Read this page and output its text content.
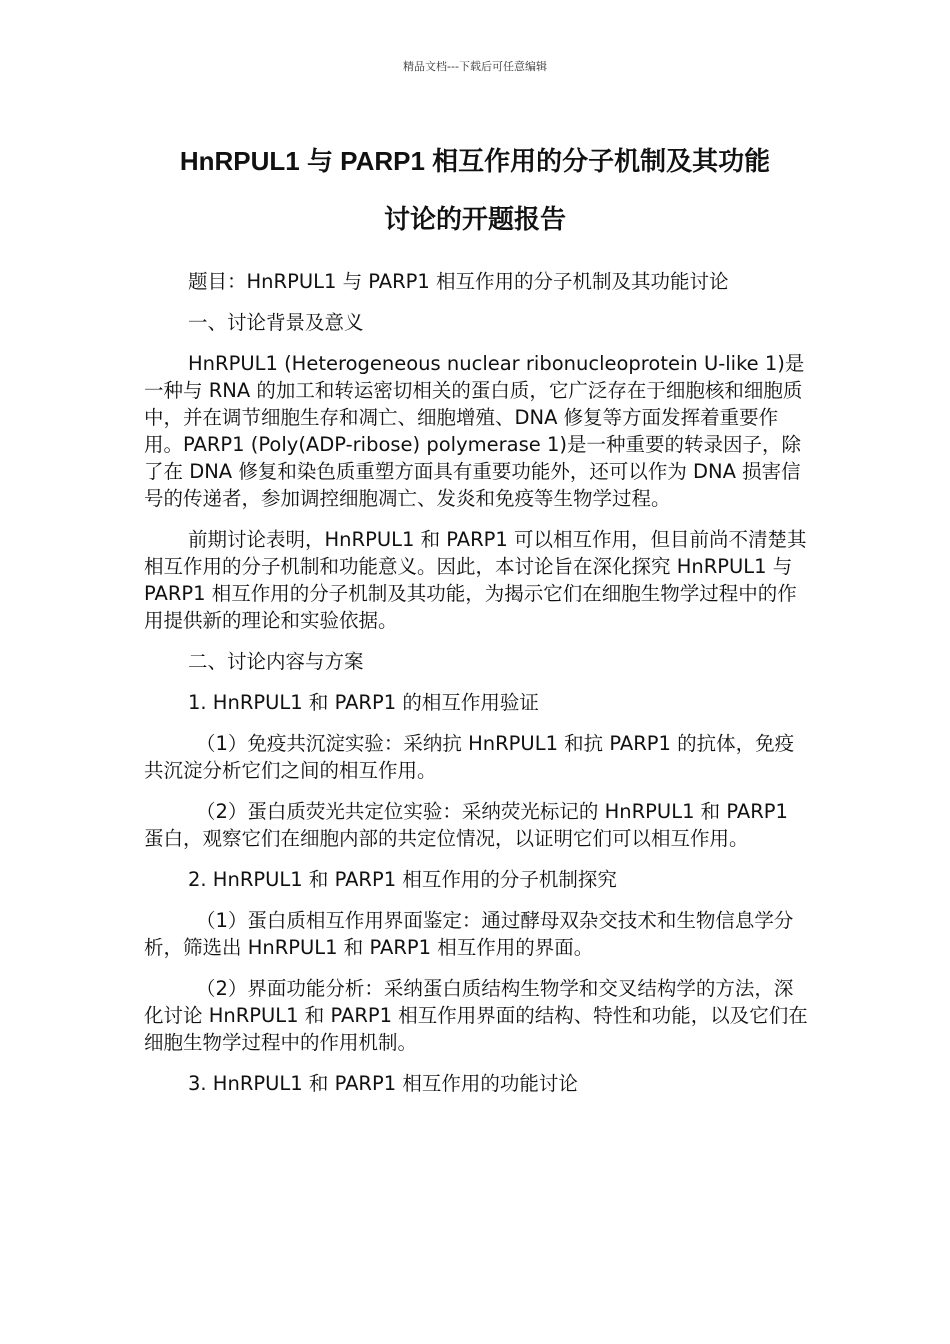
精品文档---下载后可任意编辑
HnRPUL1 与 PARP1 相互作用的分子机制及其功能
讨论的开题报告

题目：HnRPUL1 与 PARP1 相互作用的分子机制及其功能讨论

一、讨论背景及意义

HnRPUL1 (Heterogeneous nuclear ribonucleoprotein U-like 1)是一种与 RNA 的加工和转运密切相关的蛋白质，它广泛存在于细胞核和细胞质中，并在调节细胞生存和凋亡、细胞增殖、DNA 修复等方面发挥着重要作用。PARP1 (Poly(ADP-ribose) polymerase 1)是一种重要的转录因子，除了在 DNA 修复和染色质重塑方面具有重要功能外，还可以作为 DNA 损害信号的传递者，参加调控细胞凋亡、发炎和免疫等生物学过程。

前期讨论表明，HnRPUL1 和 PARP1 可以相互作用，但目前尚不清楚其相互作用的分子机制和功能意义。因此，本讨论旨在深化探究 HnRPUL1 与 PARP1 相互作用的分子机制及其功能，为揭示它们在细胞生物学过程中的作用提供新的理论和实验依据。

二、讨论内容与方案

1. HnRPUL1 和 PARP1 的相互作用验证

（1）免疫共沉淀实验：采纳抗 HnRPUL1 和抗 PARP1 的抗体，免疫共沉淀分析它们之间的相互作用。

（2）蛋白质荧光共定位实验：采纳荧光标记的 HnRPUL1 和 PARP1 蛋白，观察它们在细胞内部的共定位情况，以证明它们可以相互作用。

2. HnRPUL1 和 PARP1 相互作用的分子机制探究

（1）蛋白质相互作用界面鉴定：通过酵母双杂交技术和生物信息学分析，筛选出 HnRPUL1 和 PARP1 相互作用的界面。

（2）界面功能分析：采纳蛋白质结构生物学和交叉结构学的方法，深化讨论 HnRPUL1 和 PARP1 相互作用界面的结构、特性和功能，以及它们在细胞生物学过程中的作用机制。

3. HnRPUL1 和 PARP1 相互作用的功能讨论
